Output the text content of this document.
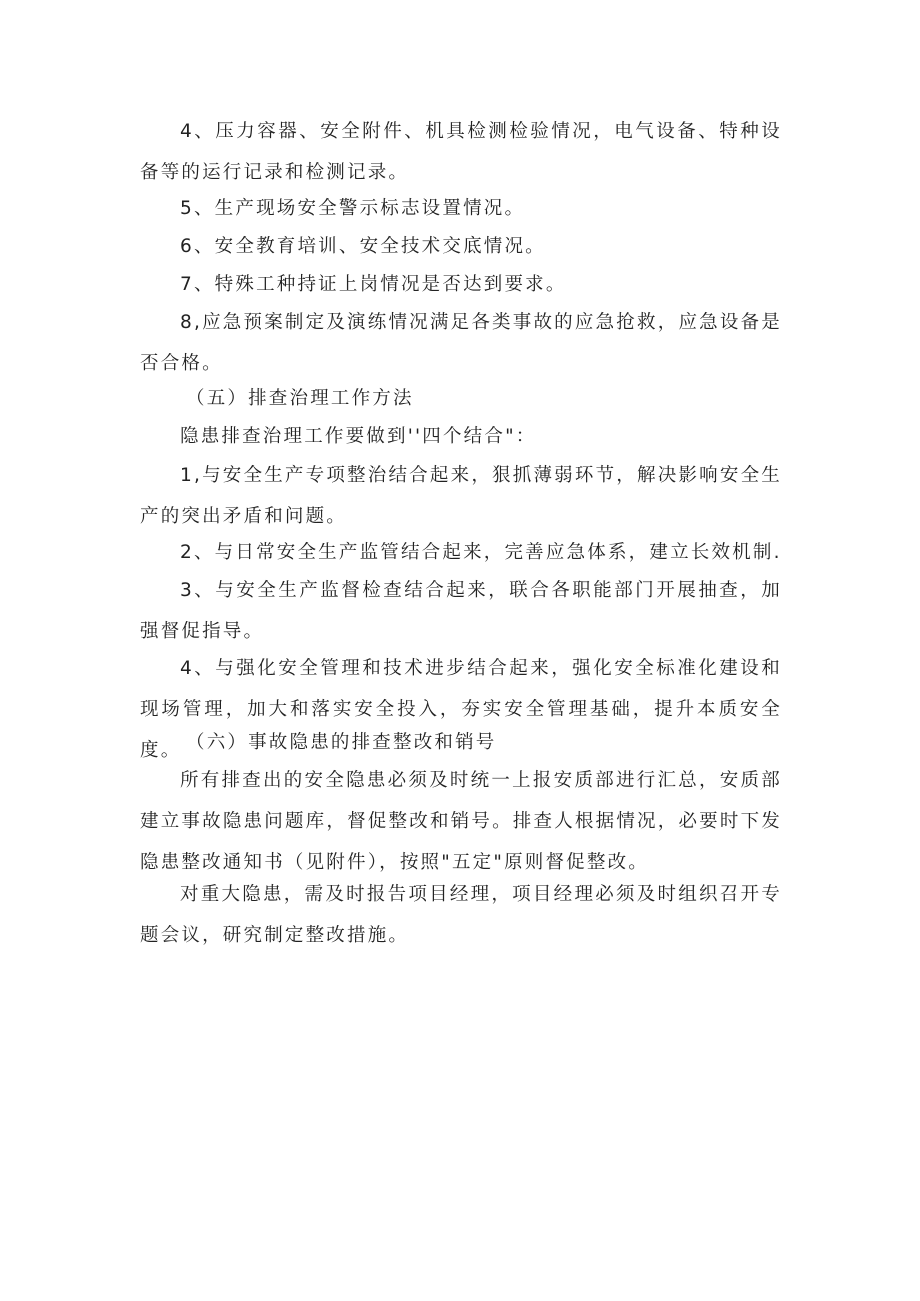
4、压力容器、安全附件、机具检测检验情况，电气设备、特种设备等的运行记录和检测记录。

5、生产现场安全警示标志设置情况。

6、安全教育培训、安全技术交底情况。

7、特殊工种持证上岗情况是否达到要求。

8,应急预案制定及演练情况满足各类事故的应急抢救，应急设备是否合格。

（五）排查治理工作方法

隐患排查治理工作要做到''四个结合"：

1,与安全生产专项整治结合起来，狠抓薄弱环节，解决影响安全生产的突出矛盾和问题。

2、与日常安全生产监管结合起来，完善应急体系，建立长效机制.

3、与安全生产监督检查结合起来，联合各职能部门开展抽查，加强督促指导。

4、与强化安全管理和技术进步结合起来，强化安全标准化建设和现场管理，加大和落实安全投入，夯实安全管理基础，提升本质安全度。 （六）事故隐患的排查整改和销号

所有排查出的安全隐患必须及时统一上报安质部进行汇总，安质部建立事故隐患问题库，督促整改和销号。排查人根据情况，必要时下发隐患整改通知书（见附件），按照"五定"原则督促整改。

对重大隐患，需及时报告项目经理，项目经理必须及时组织召开专题会议，研究制定整改措施。
